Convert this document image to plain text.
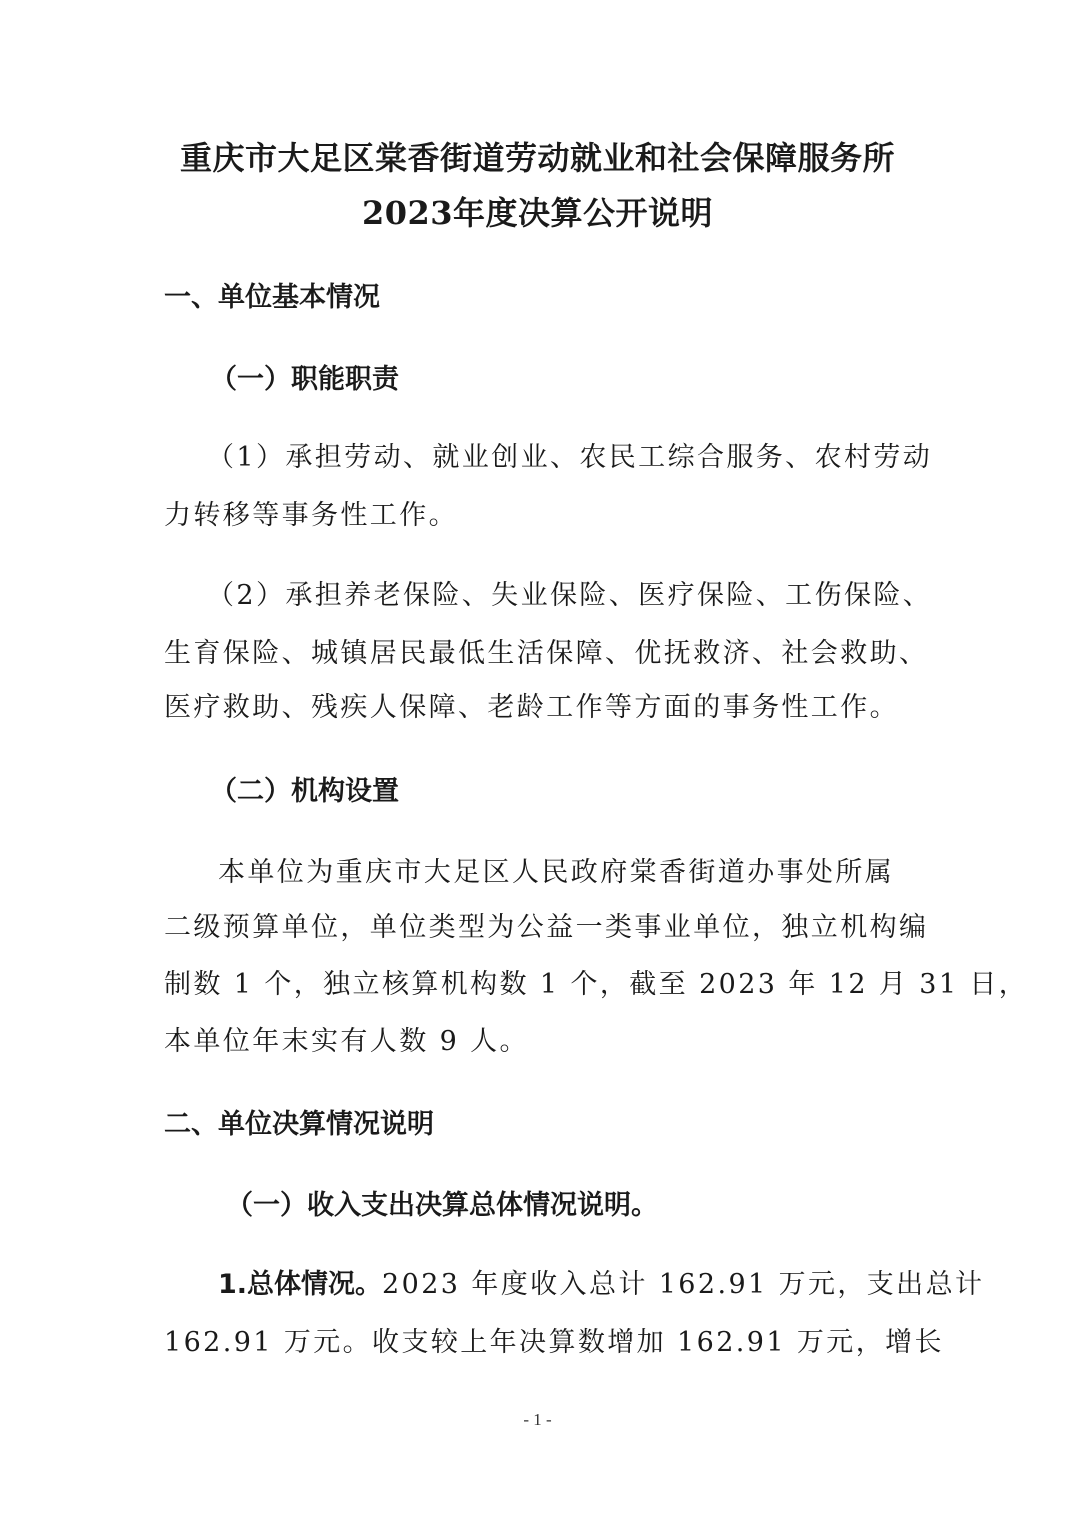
重庆市大足区棠香街道劳动就业和社会保障服务所
2023年度决算公开说明
一、单位基本情况
（一）职能职责
（1）承担劳动、就业创业、农民工综合服务、农村劳动
力转移等事务性工作。
（2）承担养老保险、失业保险、医疗保险、工伤保险、
生育保险、城镇居民最低生活保障、优抚救济、社会救助、
医疗救助、残疾人保障、老龄工作等方面的事务性工作。
（二）机构设置
本单位为重庆市大足区人民政府棠香街道办事处所属
二级预算单位，单位类型为公益一类事业单位，独立机构编
制数 1 个，独立核算机构数 1 个，截至 2023 年 12 月 31 日，
本单位年末实有人数 9 人。
二、单位决算情况说明
（一）收入支出决算总体情况说明。
1.总体情况。2023 年度收入总计 162.91 万元，支出总计
162.91 万元。收支较上年决算数增加 162.91 万元，增长
- 1 -
